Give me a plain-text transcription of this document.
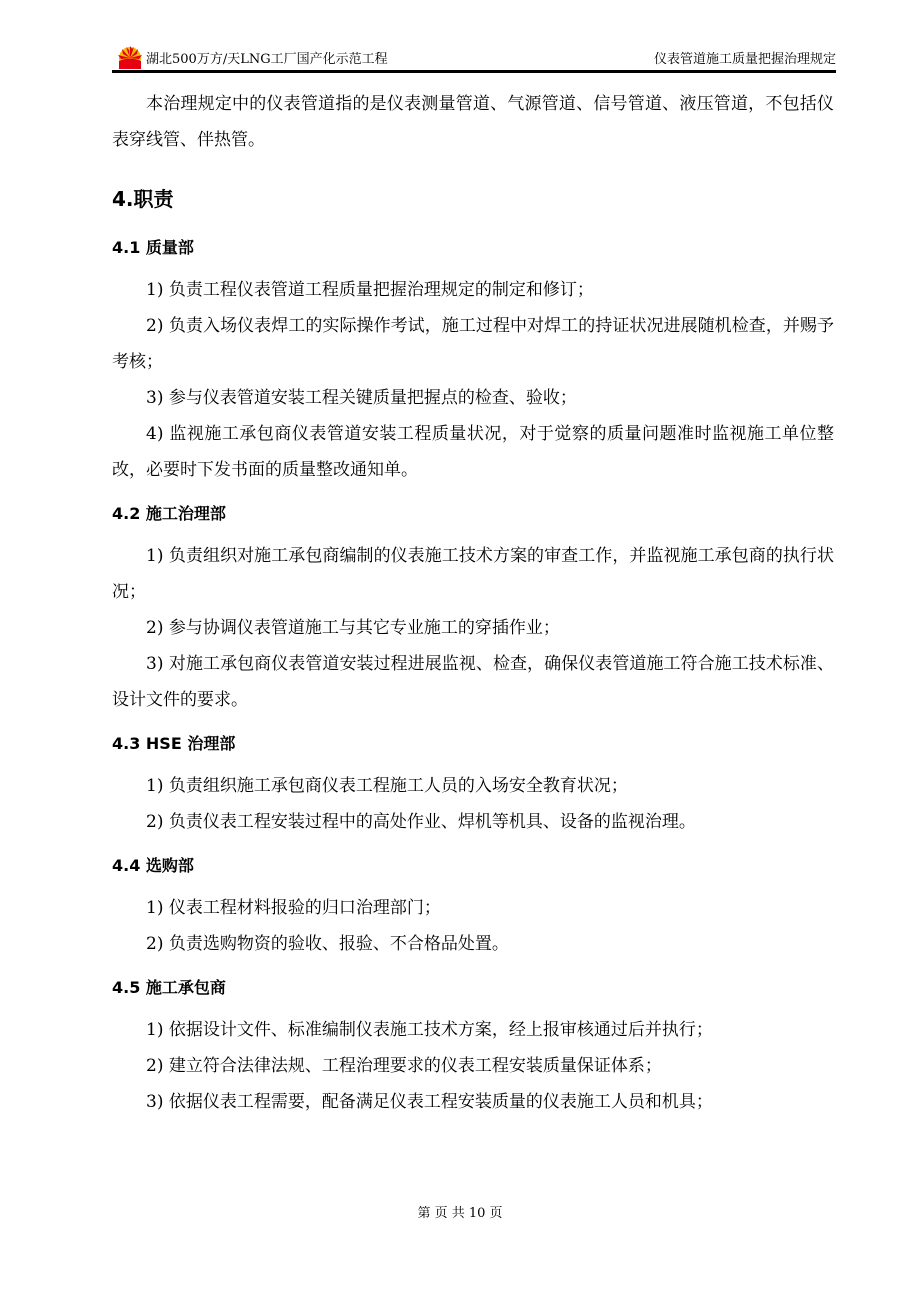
湖北500万方/天LNG工厂国产化示范工程	仪表管道施工质量把握治理规定

本治理规定中的仪表管道指的是仪表测量管道、气源管道、信号管道、液压管道，不包括仪表穿线管、伴热管。

4.职责
4.1 质量部

1) 负责工程仪表管道工程质量把握治理规定的制定和修订；

2) 负责入场仪表焊工的实际操作考试，施工过程中对焊工的持证状况进展随机检查，并赐予考核；

3) 参与仪表管道安装工程关键质量把握点的检查、验收；

4) 监视施工承包商仪表管道安装工程质量状况，对于觉察的质量问题准时监视施工单位整改，必要时下发书面的质量整改通知单。

4.2 施工治理部

1) 负责组织对施工承包商编制的仪表施工技术方案的审查工作，并监视施工承包商的执行状况；

2) 参与协调仪表管道施工与其它专业施工的穿插作业；

3) 对施工承包商仪表管道安装过程进展监视、检查，确保仪表管道施工符合施工技术标准、设计文件的要求。

4.3 HSE 治理部

1) 负责组织施工承包商仪表工程施工人员的入场安全教育状况；

2) 负责仪表工程安装过程中的高处作业、焊机等机具、设备的监视治理。

4.4 选购部

1) 仪表工程材料报验的归口治理部门；

2) 负责选购物资的验收、报验、不合格品处置。

4.5 施工承包商

1) 依据设计文件、标准编制仪表施工技术方案，经上报审核通过后并执行；

2) 建立符合法律法规、工程治理要求的仪表工程安装质量保证体系；

3) 依据仪表工程需要，配备满足仪表工程安装质量的仪表施工人员和机具；

第 页 共 10 页
